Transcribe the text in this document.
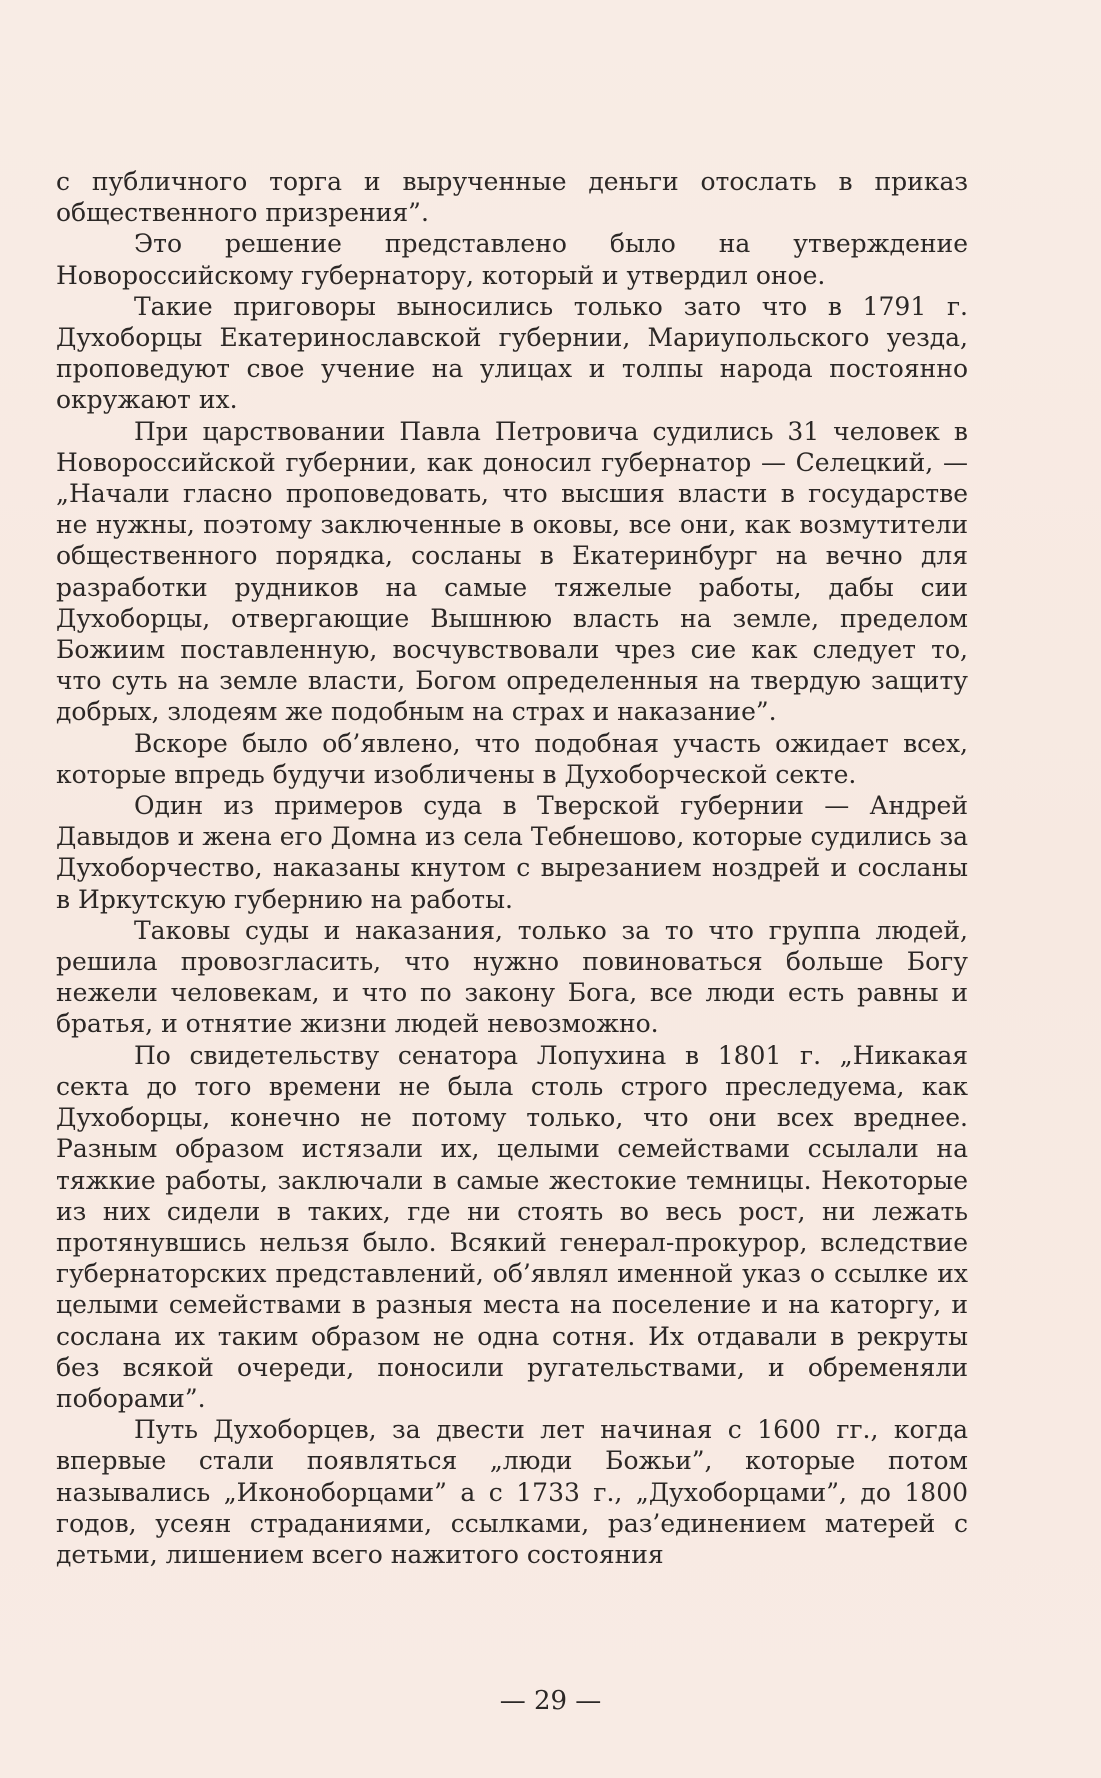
с публичного торга и вырученные деньги отослать в приказ общественного призрения”.

Это решение представлено было на утверждение Новороссийскому губернатору, который и утвердил оное.

Такие приговоры выносились только зато что в 1791 г. Духоборцы Екатеринославской губернии, Мариупольского уезда, проповедуют свое учение на улицах и толпы народа постоянно окружают их.

При царствовании Павла Петровича судились 31 человек в Новороссийской губернии, как доносил губернатор — Селецкий, — „Начали гласно проповедовать, что высшия власти в государстве не нужны, поэтому заключенные в оковы, все они, как возмутители общественного порядка, сосланы в Екатеринбург на вечно для разработки рудников на самые тяжелые работы, дабы сии Духоборцы, отвергающие Вышнюю власть на земле, пределом Божиим поставленную, восчувствовали чрез сие как следует то, что суть на земле власти, Богом определенныя на твердую защиту добрых, злодеям же подобным на страх и наказание”.

Вскоре было об’явлено, что подобная участь ожидает всех, которые впредь будучи изобличены в Духоборческой секте.

Один из примеров суда в Тверской губернии — Андрей Давыдов и жена его Домна из села Тебнешово, которые судились за Духоборчество, наказаны кнутом с вырезанием ноздрей и сосланы в Иркутскую губернию на работы.

Таковы суды и наказания, только за то что группа людей, решила провозгласить, что нужно повиноваться больше Богу нежели человекам, и что по закону Бога, все люди есть равны и братья, и отнятие жизни людей невозможно.

По свидетельству сенатора Лопухина в 1801 г. „Никакая секта до того времени не была столь строго преследуема, как Духоборцы, конечно не потому только, что они всех вреднее. Разным образом истязали их, целыми семействами ссылали на тяжкие работы, заключали в самые жестокие темницы. Некоторые из них сидели в таких, где ни стоять во весь рост, ни лежать протянувшись нельзя было. Всякий генерал-прокурор, вследствие губернаторских представлений, об’являл именной указ о ссылке их целыми семействами в разныя места на поселение и на каторгу, и сослана их таким образом не одна сотня. Их отдавали в рекруты без всякой очереди, поносили ругательствами, и обременяли поборами”.

Путь Духоборцев, за двести лет начиная с 1600 гг., когда впервые стали появляться „люди Божьи”, которые потом назывались „Иконоборцами” а с 1733 г., „Духоборцами”, до 1800 годов, усеян страданиями, ссылками, раз’единением матерей с детьми, лишением всего нажитого состояния

— 29 —
